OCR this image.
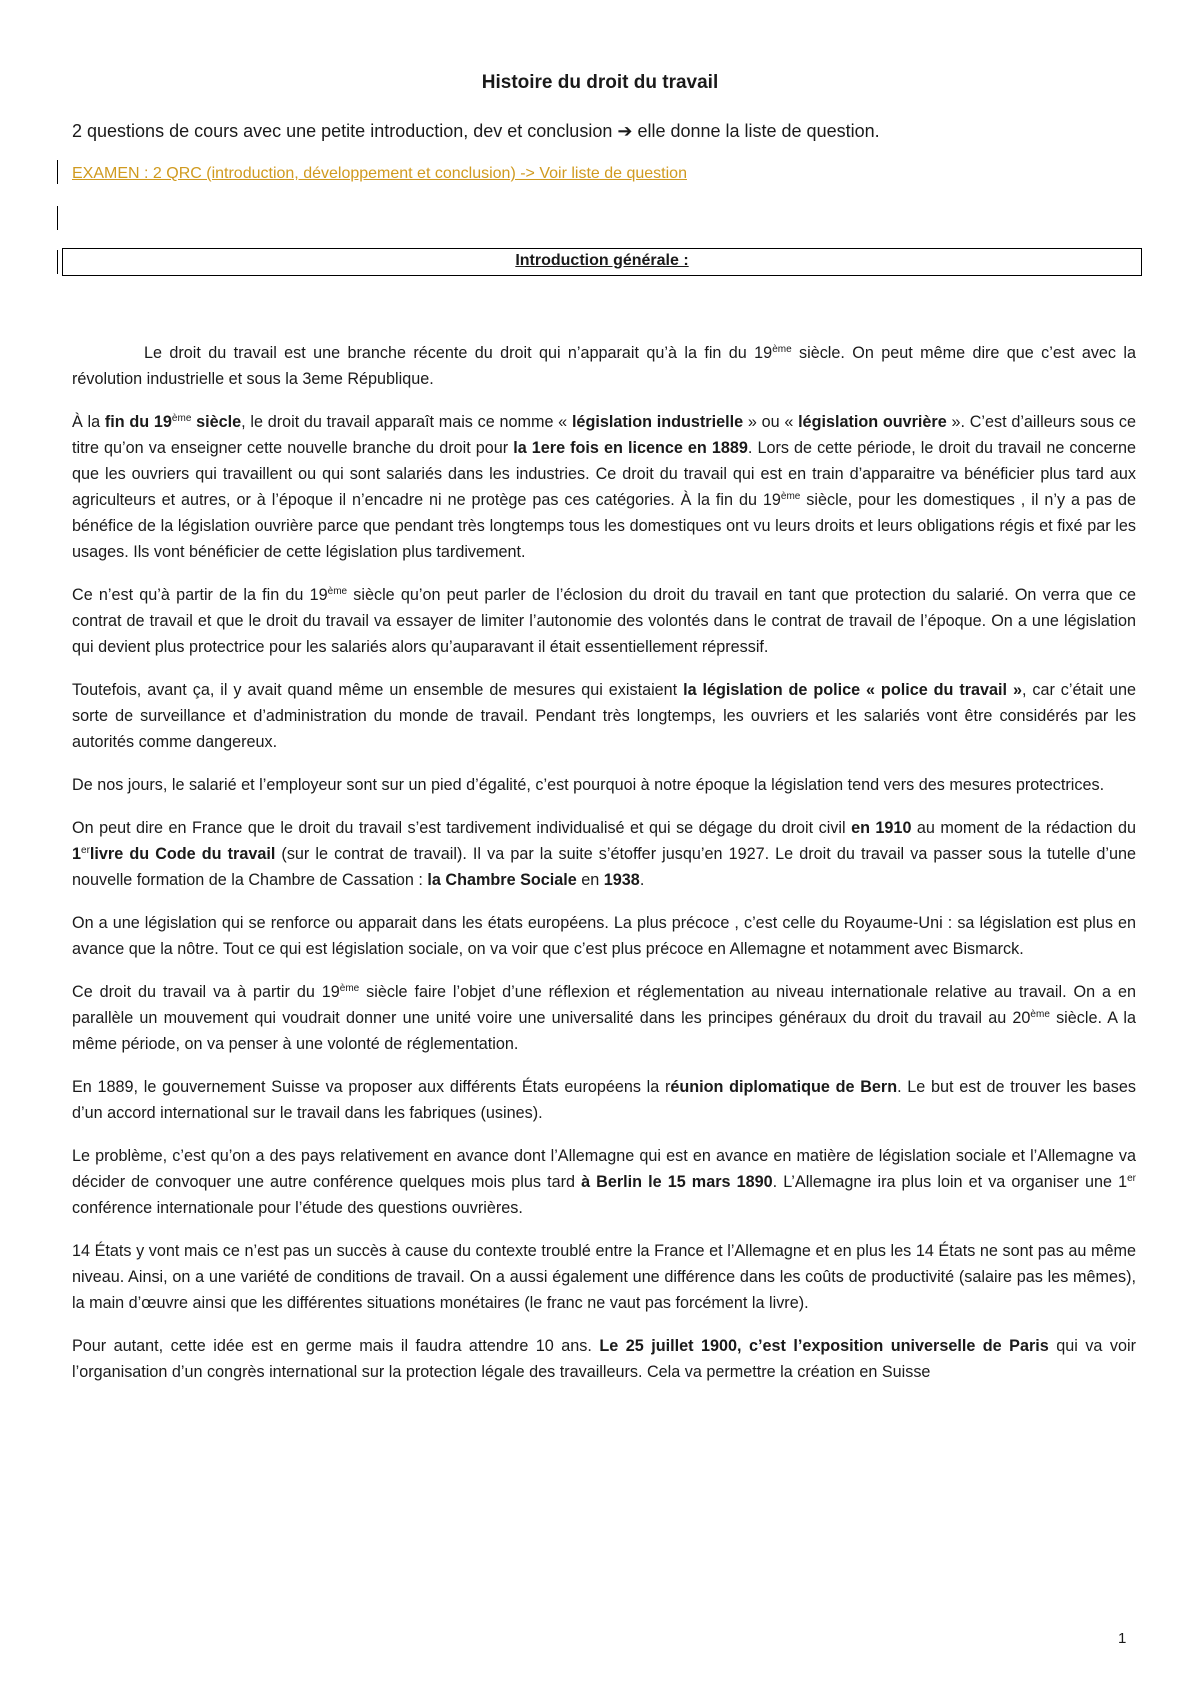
Histoire du droit du travail
2 questions de cours avec une petite introduction, dev et conclusion ➔ elle donne la liste de question.
EXAMEN : 2 QRC (introduction, développement et conclusion) -> Voir liste de question
Introduction générale :

Le droit du travail est une branche récente du droit qui n’apparait qu’à la fin du 19ème siècle. On peut même dire que c’est avec la révolution industrielle et sous la 3eme République.

À la fin du 19ème siècle, le droit du travail apparaît mais ce nomme « législation industrielle » ou « législation ouvrière ». C’est d’ailleurs sous ce titre qu’on va enseigner cette nouvelle branche du droit pour la 1ere fois en licence en 1889. Lors de cette période, le droit du travail ne concerne que les ouvriers qui travaillent ou qui sont salariés dans les industries. Ce droit du travail qui est en train d’apparaitre va bénéficier plus tard aux agriculteurs et autres, or à l’époque il n’encadre ni ne protège pas ces catégories. À la fin du 19ème siècle, pour les domestiques , il n’y a pas de bénéfice de la législation ouvrière parce que pendant très longtemps tous les domestiques ont vu leurs droits et leurs obligations régis et fixé par les usages. Ils vont bénéficier de cette législation plus tardivement.

Ce n’est qu’à partir de la fin du 19ème siècle qu’on peut parler de l’éclosion du droit du travail en tant que protection du salarié. On verra que ce contrat de travail et que le droit du travail va essayer de limiter l’autonomie des volontés dans le contrat de travail de l’époque. On a une législation qui devient plus protectrice pour les salariés alors qu’auparavant il était essentiellement répressif.

Toutefois, avant ça, il y avait quand même un ensemble de mesures qui existaient la législation de police « police du travail », car c’était une sorte de surveillance et d’administration du monde de travail. Pendant très longtemps, les ouvriers et les salariés vont être considérés par les autorités comme dangereux.

De nos jours, le salarié et l’employeur sont sur un pied d’égalité, c’est pourquoi à notre époque la législation tend vers des mesures protectrices.

On peut dire en France que le droit du travail s’est tardivement individualisé et qui se dégage du droit civil en 1910 au moment de la rédaction du 1erlivre du Code du travail (sur le contrat de travail). Il va par la suite s’étoffer jusqu’en 1927. Le droit du travail va passer sous la tutelle d’une nouvelle formation de la Chambre de Cassation : la Chambre Sociale en 1938.

On a une législation qui se renforce ou apparait dans les états européens. La plus précoce , c’est celle du Royaume-Uni : sa législation est plus en avance que la nôtre. Tout ce qui est législation sociale, on va voir que c’est plus précoce en Allemagne et notamment avec Bismarck.

Ce droit du travail va à partir du 19ème siècle faire l’objet d’une réflexion et réglementation au niveau internationale relative au travail. On a en parallèle un mouvement qui voudrait donner une unité voire une universalité dans les principes généraux du droit du travail au 20ème siècle. A la même période, on va penser à une volonté de réglementation.

En 1889, le gouvernement Suisse va proposer aux différents États européens la réunion diplomatique de Bern. Le but est de trouver les bases d’un accord international sur le travail dans les fabriques (usines).

Le problème, c’est qu’on a des pays relativement en avance dont l’Allemagne qui est en avance en matière de législation sociale et l’Allemagne va décider de convoquer une autre conférence quelques mois plus tard à Berlin le 15 mars 1890. L’Allemagne ira plus loin et va organiser une 1er conférence internationale pour l’étude des questions ouvrières.

14 États y vont mais ce n’est pas un succès à cause du contexte troublé entre la France et l’Allemagne et en plus les 14 États ne sont pas au même niveau. Ainsi, on a une variété de conditions de travail. On a aussi également une différence dans les coûts de productivité (salaire pas les mêmes), la main d’œuvre ainsi que les différentes situations monétaires (le franc ne vaut pas forcément la livre).

Pour autant, cette idée est en germe mais il faudra attendre 10 ans. Le 25 juillet 1900, c’est l’exposition universelle de Paris qui va voir l’organisation d’un congrès international sur la protection légale des travailleurs. Cela va permettre la création en Suisse

1
